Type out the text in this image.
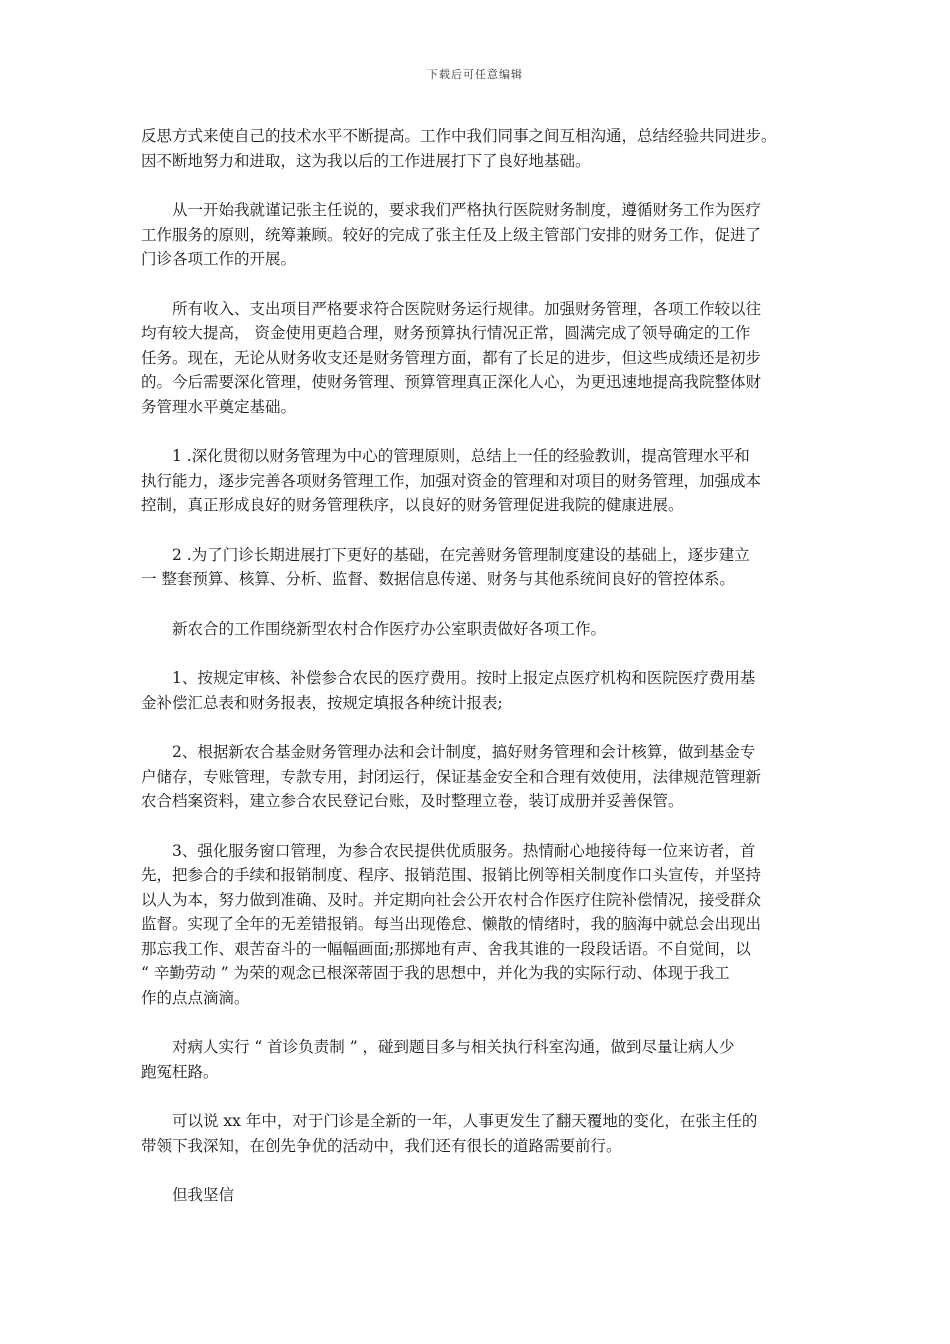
下载后可任意编辑
反思方式来使自己的技术水平不断提高。工作中我们同事之间互相沟通，总结经验共同进步。
因不断地努力和进取，这为我以后的工作进展打下了良好地基础。
　　从一开始我就谨记张主任说的，要求我们严格执行医院财务制度，遵循财务工作为医疗
工作服务的原则，统筹兼顾。较好的完成了张主任及上级主管部门安排的财务工作，促进了
门诊各项工作的开展。
　　所有收入、支出项目严格要求符合医院财务运行规律。加强财务管理，各项工作较以往
均有较大提高， 资金使用更趋合理，财务预算执行情况正常，圆满完成了领导确定的工作
任务。现在，无论从财务收支还是财务管理方面，都有了长足的进步，但这些成绩还是初步
的。今后需要深化管理，使财务管理、预算管理真正深化人心，为更迅速地提高我院整体财
务管理水平奠定基础。
　　1 .深化贯彻以财务管理为中心的管理原则，总结上一任的经验教训，提高管理水平和
执行能力，逐步完善各项财务管理工作，加强对资金的管理和对项目的财务管理，加强成本
控制，真正形成良好的财务管理秩序，以良好的财务管理促进我院的健康进展。
　　2 .为了门诊长期进展打下更好的基础，在完善财务管理制度建设的基础上，逐步建立
一 整套预算、核算、分析、监督、数据信息传递、财务与其他系统间良好的管控体系。
　　新农合的工作围绕新型农村合作医疗办公室职责做好各项工作。
　　1、按规定审核、补偿参合农民的医疗费用。按时上报定点医疗机构和医院医疗费用基
金补偿汇总表和财务报表，按规定填报各种统计报表;
　　2、根据新农合基金财务管理办法和会计制度，搞好财务管理和会计核算，做到基金专
户储存，专账管理，专款专用，封闭运行，保证基金安全和合理有效使用，法律规范管理新
农合档案资料，建立参合农民登记台账，及时整理立卷，装订成册并妥善保管。
　　3、强化服务窗口管理，为参合农民提供优质服务。热情耐心地接待每一位来访者，首
先，把参合的手续和报销制度、程序、报销范围、报销比例等相关制度作口头宣传，并坚持
以人为本，努力做到准确、及时。并定期向社会公开农村合作医疗住院补偿情况，接受群众
监督。实现了全年的无差错报销。每当出现倦怠、懒散的情绪时，我的脑海中就总会出现出
那忘我工作、艰苦奋斗的一幅幅画面;那掷地有声、舍我其谁的一段段话语。不自觉间，以
“ 辛勤劳动 ” 为荣的观念已根深蒂固于我的思想中，并化为我的实际行动、体现于我工
作的点点滴滴。
　　对病人实行 “ 首诊负责制 ” ，碰到题目多与相关执行科室沟通，做到尽量让病人少
跑冤枉路。
　　可以说 xx 年中，对于门诊是全新的一年，人事更发生了翻天覆地的变化，在张主任的
带领下我深知，在创先争优的活动中，我们还有很长的道路需要前行。
　　但我坚信
